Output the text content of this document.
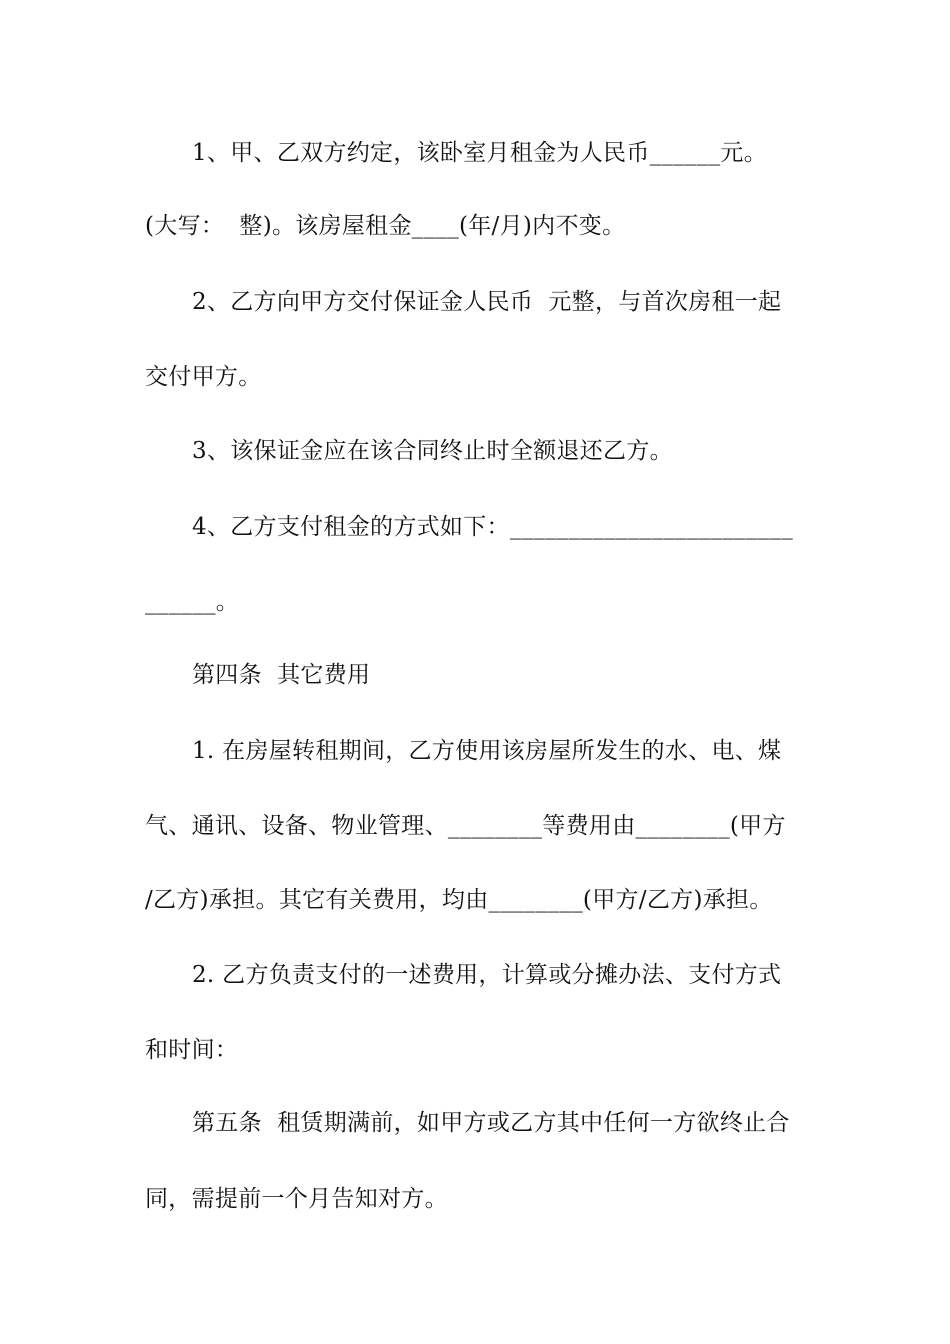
1、甲、乙双方约定，该卧室月租金为人民币______元。
(大写：  整)。该房屋租金____(年/月)内不变。
2、乙方向甲方交付保证金人民币  元整，与首次房租一起
交付甲方。
3、该保证金应在该合同终止时全额退还乙方。
4、乙方支付租金的方式如下：________________________
______。
第四条  其它费用
1. 在房屋转租期间，乙方使用该房屋所发生的水、电、煤
气、通讯、设备、物业管理、________等费用由________(甲方
/乙方)承担。其它有关费用，均由________(甲方/乙方)承担。
2. 乙方负责支付的一述费用，计算或分摊办法、支付方式
和时间：
第五条  租赁期满前，如甲方或乙方其中任何一方欲终止合
同，需提前一个月告知对方。
